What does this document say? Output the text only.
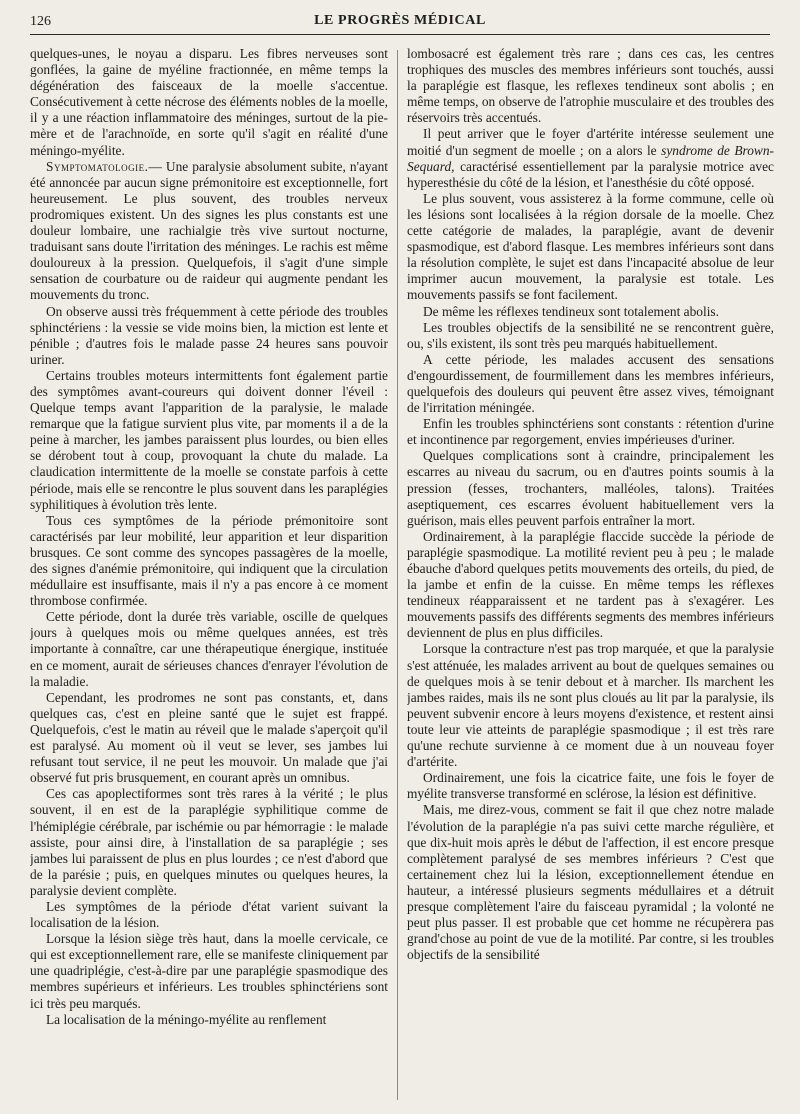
126	LE PROGRÈS MÉDICAL

quelques-unes, le noyau a disparu. Les fibres nerveuses sont gonflées, la gaine de myéline fractionnée, en même temps la dégénération des faisceaux de la moelle s'accentue. Consécutivement à cette nécrose des éléments nobles de la moelle, il y a une réaction inflammatoire des méninges, surtout de la pie-mère et de l'arachnoïde, en sorte qu'il s'agit en réalité d'une méningo-myélite.

Symptomatologie.— Une paralysie absolument subite, n'ayant été annoncée par aucun signe prémonitoire est exceptionnelle, fort heureusement. Le plus souvent, des troubles nerveux prodromiques existent. Un des signes les plus constants est une douleur lombaire, une rachialgie très vive surtout nocturne, traduisant sans doute l'irritation des méninges. Le rachis est même douloureux à la pression. Quelquefois, il s'agit d'une simple sensation de courbature ou de raideur qui augmente pendant les mouvements du tronc.

On observe aussi très fréquemment à cette période des troubles sphinctériens : la vessie se vide moins bien, la miction est lente et pénible ; d'autres fois le malade passe 24 heures sans pouvoir uriner.

Certains troubles moteurs intermittents font également partie des symptômes avant-coureurs qui doivent donner l'éveil : Quelque temps avant l'apparition de la paralysie, le malade remarque que la fatigue survient plus vite, par moments il a de la peine à marcher, les jambes paraissent plus lourdes, ou bien elles se dérobent tout à coup, provoquant la chute du malade. La claudication intermittente de la moelle se constate parfois à cette période, mais elle se rencontre le plus souvent dans les paraplégies syphilitiques à évolution très lente.

Tous ces symptômes de la période prémonitoire sont caractérisés par leur mobilité, leur apparition et leur disparition brusques. Ce sont comme des syncopes passagères de la moelle, des signes d'anémie prémonitoire, qui indiquent que la circulation médullaire est insuffisante, mais il n'y a pas encore à ce moment thrombose confirmée.

Cette période, dont la durée très variable, oscille de quelques jours à quelques mois ou même quelques années, est très importante à connaître, car une thérapeutique énergique, instituée en ce moment, aurait de sérieuses chances d'enrayer l'évolution de la maladie.

Cependant, les prodromes ne sont pas constants, et, dans quelques cas, c'est en pleine santé que le sujet est frappé. Quelquefois, c'est le matin au réveil que le malade s'aperçoit qu'il est paralysé. Au moment où il veut se lever, ses jambes lui refusant tout service, il ne peut les mouvoir. Un malade que j'ai observé fut pris brusquement, en courant après un omnibus.

Ces cas apoplectiformes sont très rares à la vérité ; le plus souvent, il en est de la paraplégie syphilitique comme de l'hémiplégie cérébrale, par ischémie ou par hémorragie : le malade assiste, pour ainsi dire, à l'installation de sa paraplégie ; ses jambes lui paraissent de plus en plus lourdes ; ce n'est d'abord que de la parésie ; puis, en quelques minutes ou quelques heures, la paralysie devient complète.

Les symptômes de la période d'état varient suivant la localisation de la lésion.

Lorsque la lésion siège très haut, dans la moelle cervicale, ce qui est exceptionnellement rare, elle se manifeste cliniquement par une quadriplégie, c'est-à-dire par une paraplégie spasmodique des membres supérieurs et inférieurs. Les troubles sphinctériens sont ici très peu marqués.

La localisation de la méningo-myélite au renflement

lombosacré est également très rare ; dans ces cas, les centres trophiques des muscles des membres inférieurs sont touchés, aussi la paraplégie est flasque, les reflexes tendineux sont abolis ; en même temps, on observe de l'atrophie musculaire et des troubles des réservoirs très accentués.

Il peut arriver que le foyer d'artérite intéresse seulement une moitié d'un segment de moelle ; on a alors le syndrome de Brown-Sequard, caractérisé essentiellement par la paralysie motrice avec hyperesthésie du côté de la lésion, et l'anesthésie du côté opposé.

Le plus souvent, vous assisterez à la forme commune, celle où les lésions sont localisées à la région dorsale de la moelle. Chez cette catégorie de malades, la paraplégie, avant de devenir spasmodique, est d'abord flasque. Les membres inférieurs sont dans la résolution complète, le sujet est dans l'incapacité absolue de leur imprimer aucun mouvement, la paralysie est totale. Les mouvements passifs se font facilement.

De même les réflexes tendineux sont totalement abolis.

Les troubles objectifs de la sensibilité ne se rencontrent guère, ou, s'ils existent, ils sont très peu marqués habituellement.

A cette période, les malades accusent des sensations d'engourdissement, de fourmillement dans les membres inférieurs, quelquefois des douleurs qui peuvent être assez vives, témoignant de l'irritation méningée.

Enfin les troubles sphinctériens sont constants : rétention d'urine et incontinence par regorgement, envies impérieuses d'uriner.

Quelques complications sont à craindre, principalement les escarres au niveau du sacrum, ou en d'autres points soumis à la pression (fesses, trochanters, malléoles, talons). Traitées aseptiquement, ces escarres évoluent habituellement vers la guérison, mais elles peuvent parfois entraîner la mort.

Ordinairement, à la paraplégie flaccide succède la période de paraplégie spasmodique. La motilité revient peu à peu ; le malade ébauche d'abord quelques petits mouvements des orteils, du pied, de la jambe et enfin de la cuisse. En même temps les réflexes tendineux réapparaissent et ne tardent pas à s'exagérer. Les mouvements passifs des différents segments des membres inférieurs deviennent de plus en plus difficiles.

Lorsque la contracture n'est pas trop marquée, et que la paralysie s'est atténuée, les malades arrivent au bout de quelques semaines ou de quelques mois à se tenir debout et à marcher. Ils marchent les jambes raides, mais ils ne sont plus cloués au lit par la paralysie, ils peuvent subvenir encore à leurs moyens d'existence, et restent ainsi toute leur vie atteints de paraplégie spasmodique ; il est très rare qu'une rechute survienne à ce moment due à un nouveau foyer d'artérite.

Ordinairement, une fois la cicatrice faite, une fois le foyer de myélite transverse transformé en sclérose, la lésion est définitive.

Mais, me direz-vous, comment se fait il que chez notre malade l'évolution de la paraplégie n'a pas suivi cette marche régulière, et que dix-huit mois après le début de l'affection, il est encore presque complètement paralysé de ses membres inférieurs ? C'est que certainement chez lui la lésion, exceptionnellement étendue en hauteur, a intéressé plusieurs segments médullaires et a détruit presque complètement l'aire du faisceau pyramidal ; la volonté ne peut plus passer. Il est probable que cet homme ne récupèrera pas grand'chose au point de vue de la motilité. Par contre, si les troubles objectifs de la sensibilité
